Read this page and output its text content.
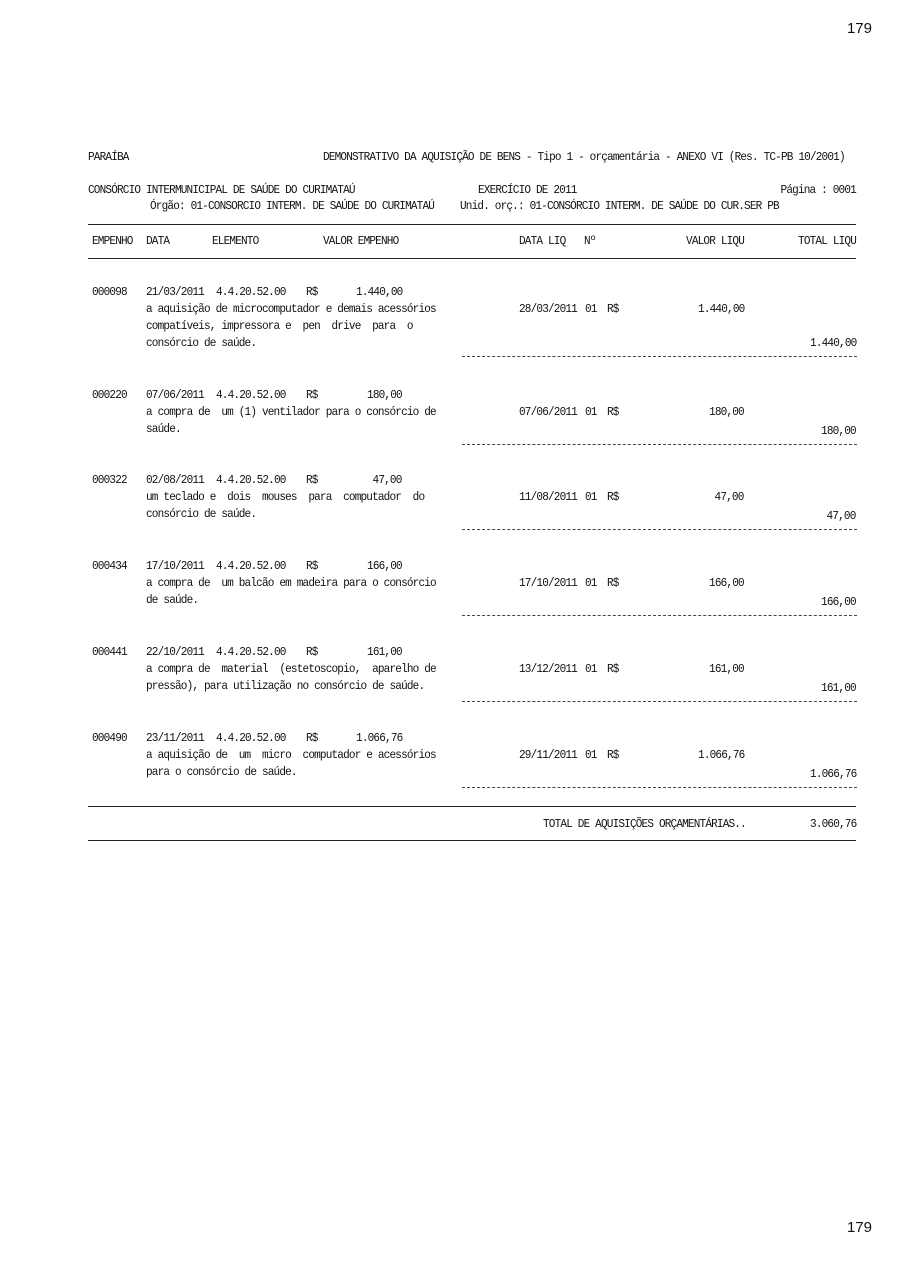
179
179
PARAÍBA	DEMONSTRATIVO DA AQUISIÇÃO DE BENS - Tipo 1 - orçamentária - ANEXO VI (Res. TC-PB 10/2001)
CONSÓRCIO INTERMUNICIPAL DE SAÚDE DO CURIMATAÚ	EXERCÍCIO DE 2011	Página : 0001
Órgão: 01-CONSORCIO INTERM. DE SAÚDE DO CURIMATAÚ Unid. orç.: 01-CONSÓRCIO INTERM. DE SAÚDE DO CUR.SER PB
EMPENHO DATA	ELEMENTO	VALOR EMPENHO	DATA LIQ Nº	VALOR LIQU	TOTAL LIQU
000098 21/03/2011 4.4.20.52.00 R$	1.440,00
a aquisição de microcomputador e demais acessórios
compatíveis, impressora e  pen  drive  para  o
consórcio de saúde.
28/03/2011 01 R$	1.440,00
1.440,00
000220 07/06/2011 4.4.20.52.00 R$	180,00
a compra de  um (1) ventilador para o consórcio de
saúde.
07/06/2011 01 R$	180,00
180,00
000322 02/08/2011 4.4.20.52.00 R$	47,00
um teclado e  dois  mouses  para  computador  do
consórcio de saúde.
11/08/2011 01 R$	47,00
47,00
000434 17/10/2011 4.4.20.52.00 R$	166,00
a compra de  um balcão em madeira para o consórcio
de saúde.
17/10/2011 01 R$	166,00
166,00
000441 22/10/2011 4.4.20.52.00 R$	161,00
a compra de  material  (estetoscopio,  aparelho de
pressão), para utilização no consórcio de saúde.
13/12/2011 01 R$	161,00
161,00
000490 23/11/2011 4.4.20.52.00 R$	1.066,76
a aquisição de  um  micro  computador e acessórios
para o consórcio de saúde.
29/11/2011 01 R$	1.066,76
1.066,76
TOTAL DE AQUISIÇÕES ORÇAMENTÁRIAS..	3.060,76
